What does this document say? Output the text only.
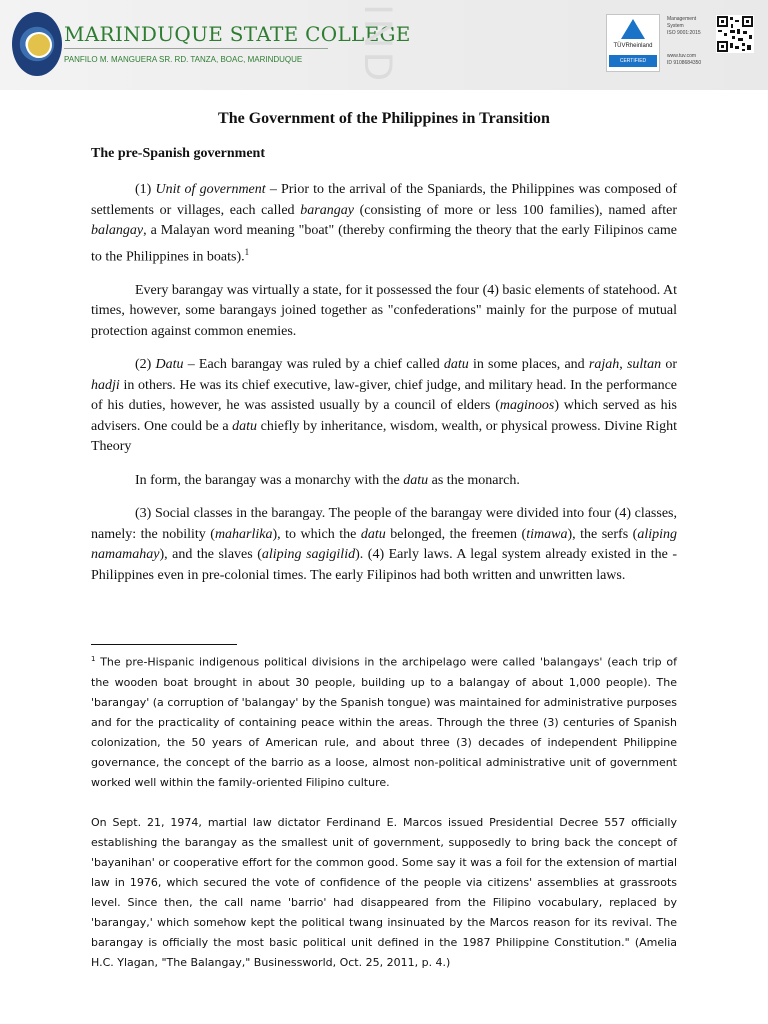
MARINDUQUE STATE COLLEGE
PANFILO M. MANGUERA SR. RD. TANZA, BOAC, MARINDUQUE IND	TÜVRheinland
CERTIFIED
Management
System
ISO 9001:2015
www.tuv.com
ID 9108684350
The Government of the Philippines in Transition
The pre-Spanish government

(1) Unit of government – Prior to the arrival of the Spaniards, the Philippines was composed of settlements or villages, each called barangay (consisting of more or less 100 families), named after balangay, a Malayan word meaning "boat" (thereby confirming the theory that the early Filipinos came to the Philippines in boats).$^1$

Every barangay was virtually a state, for it possessed the four (4) basic elements of statehood. At times, however, some barangays joined together as "confederations" mainly for the purpose of mutual protection against common enemies.

(2) Datu – Each barangay was ruled by a chief called datu in some places, and rajah, sultan or hadji in others. He was its chief executive, law-giver, chief judge, and military head. In the performance of his duties, however, he was assisted usually by a council of elders (maginoos) which served as his advisers. One could be a datu chiefly by inheritance, wisdom, wealth, or physical prowess. Divine Right Theory

In form, the barangay was a monarchy with the datu as the monarch.

(3) Social classes in the barangay. The people of the barangay were divided into four (4) classes, namely: the nobility (maharlika), to which the datu belonged, the freemen (timawa), the serfs (aliping namamahay), and the slaves (aliping sagigilid). (4) Early laws. A legal system already existed in the - Philippines even in pre-colonial times. The early Filipinos had both written and unwritten laws.

$^1$ The pre-Hispanic indigenous political divisions in the archipelago were called 'balangays' (each trip of the wooden boat brought in about 30 people, building up to a balangay of about 1,000 people). The 'barangay' (a corruption of 'balangay' by the Spanish tongue) was maintained for administrative purposes and for the practicality of containing peace within the areas. Through the three (3) centuries of Spanish colonization, the 50 years of American rule, and about three (3) decades of independent Philippine governance, the concept of the barrio as a loose, almost non-political administrative unit of government worked well within the family-oriented Filipino culture.

On Sept. 21, 1974, martial law dictator Ferdinand E. Marcos issued Presidential Decree 557 officially establishing the barangay as the smallest unit of government, supposedly to bring back the concept of 'bayanihan' or cooperative effort for the common good. Some say it was a foil for the extension of martial law in 1976, which secured the vote of confidence of the people via citizens' assemblies at grassroots level. Since then, the call name 'barrio' had disappeared from the Filipino vocabulary, replaced by 'barangay,' which somehow kept the political twang insinuated by the Marcos reason for its revival. The barangay is officially the most basic political unit defined in the 1987 Philippine Constitution." (Amelia H.C. Ylagan, "The Balangay," Businessworld, Oct. 25, 2011, p. 4.)
